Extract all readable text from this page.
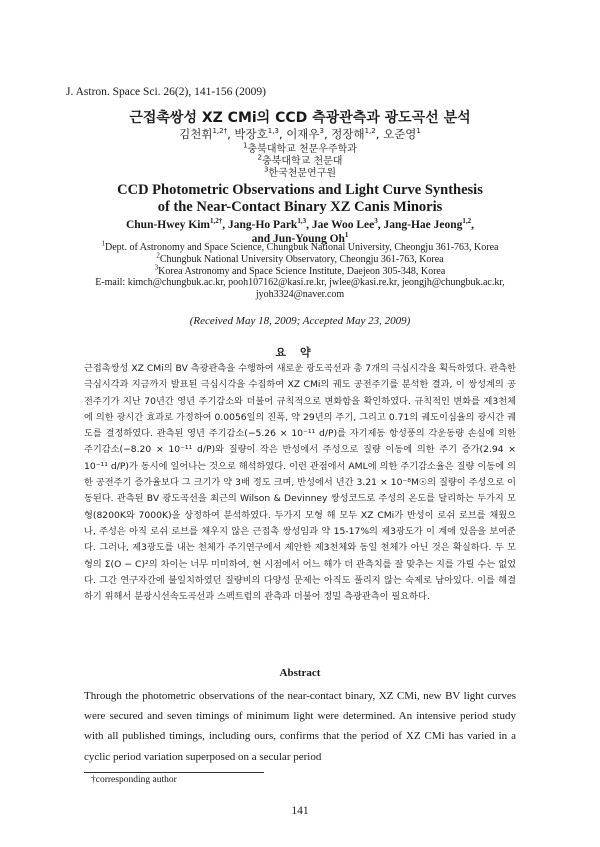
J. Astron. Space Sci. 26(2), 141-156 (2009)
근접촉쌍성 XZ CMi의 CCD 측광관측과 광도곡선 분석
김천휘$^{1,2\dagger}$, 박장호$^{1,3}$, 이재우$^3$, 정장해$^{1,2}$, 오준영$^1$
$^1$충북대학교 천문우주학과
$^2$충북대학교 천문대
$^3$한국천문연구원
CCD Photometric Observations and Light Curve Synthesis
of the Near-Contact Binary XZ Canis Minoris
Chun-Hwey Kim$^{1,2\dagger}$, Jang-Ho Park$^{1,3}$, Jae Woo Lee$^3$, Jang-Hae Jeong$^{1,2}$,
and Jun-Young Oh$^1$
$^1$Dept. of Astronomy and Space Science, Chungbuk National University, Cheongju 361-763, Korea
$^2$Chungbuk National University Observatory, Cheongju 361-763, Korea
$^3$Korea Astronomy and Space Science Institute, Daejeon 305-348, Korea
E-mail: kimch@chungbuk.ac.kr, pooh107162@kasi.re.kr, jwlee@kasi.re.kr, jeongjh@chungbuk.ac.kr,
jyoh3324@naver.com
(Received May 18, 2009; Accepted May 23, 2009)
요약

근접촉쌍성 XZ CMi의 BV 측광관측을 수행하여 새로운 광도곡선과 총 7개의 극심시각을 획득하였다. 관측한 극심시각과 지금까지 발표된 극심시각을 수집하여 XZ CMi의 궤도 공전주기를 분석한 결과, 이 쌍성계의 공전주기가 지난 70년간 영년 주기감소와 더불어 규칙적으로 변화함을 확인하였다. 규칙적인 변화를 제3천체에 의한 광시간 효과로 가정하여 0.0056일의 진폭, 약 29년의 주기, 그리고 0.71의 궤도이심율의 광시간 궤도를 결정하였다. 관측된 영년 주기감소(−5.26 × 10⁻¹¹ d/P)를 자기제동 항성풍의 각운동량 손실에 의한 주기감소(−8.20 × 10⁻¹¹ d/P)와 질량이 작은 반성에서 주성으로 질량 이동에 의한 주기 증가(2.94 × 10⁻¹¹ d/P)가 동시에 일어나는 것으로 해석하였다. 이런 관점에서 AML에 의한 주기감소율은 질량 이동에 의한 공전주기 증가율보다 그 크기가 약 3배 정도 크며, 반성에서 년간 3.21 × 10⁻⁸M☉의 질량이 주성으로 이동된다. 관측된 BV 광도곡선을 최근의 Wilson & Devinney 쌍성코드로 주성의 온도를 달리하는 두가지 모형(8200K와 7000K)을 상정하여 분석하였다. 두가지 모형 해 모두 XZ CMi가 반성이 로쉬 로브를 채웠으나, 주성은 아직 로쉬 로브를 채우지 않은 근접촉 쌍성임과 약 15-17%의 제3광도가 이 계에 있음을 보여준다. 그러나, 제3광도를 내는 천체가 주기연구에서 제안한 제3천체와 동일 천체가 아닌 것은 확실하다. 두 모형의 Σ(O − C)²의 차이는 너무 미미하여, 현 시점에서 어느 해가 더 관측치를 잘 맞추는 지를 가릴 수는 없었다. 그간 연구자간에 불일치하였던 질량비의 다양성 문제는 아직도 풀리지 않는 숙제로 남아있다. 이를 해결하기 위해서 분광시선속도곡선과 스펙트럼의 관측과 더불어 정밀 측광관측이 필요하다.

Abstract

Through the photometric observations of the near-contact binary, XZ CMi, new BV light curves were secured and seven timings of minimum light were determined. An intensive period study with all published timings, including ours, confirms that the period of XZ CMi has varied in a cyclic period variation superposed on a secular period

†corresponding author
141
